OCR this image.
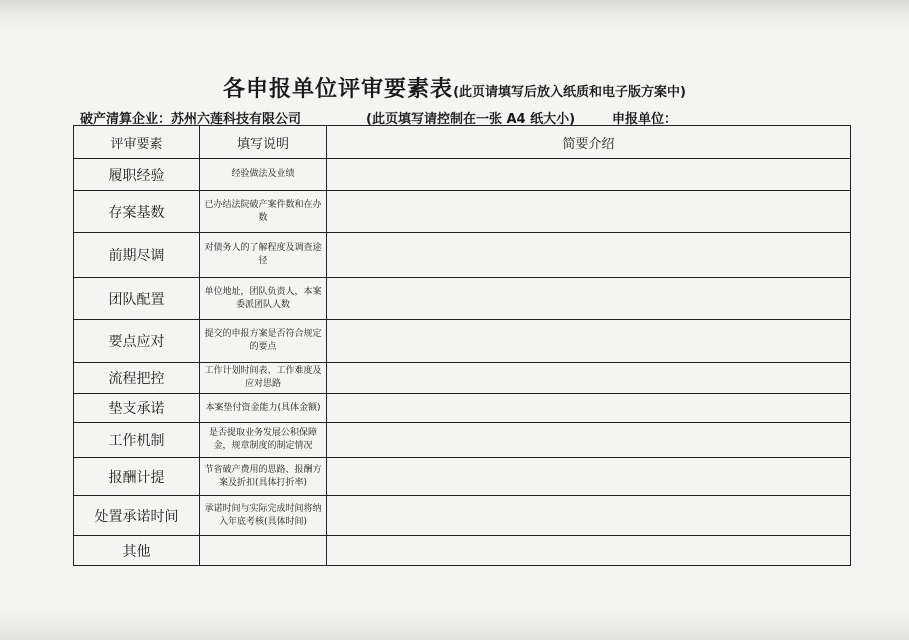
各申报单位评审要素表(此页请填写后放入纸质和电子版方案中)
破产清算企业：苏州六莲科技有限公司	(此页填写请控制在一张 A4 纸大小)	申报单位：
评审要素	填写说明	简要介绍
履职经验	经验做法及业绩	
存案基数	已办结法院破产案件数和在办数	
前期尽调	对债务人的了解程度及调查途径	
团队配置	单位地址，团队负责人，本案委派团队人数	
要点应对	提交的申报方案是否符合规定的要点	
流程把控	工作计划时间表、工作难度及应对思路	
垫支承诺	本案垫付资金能力(具体金额)	
工作机制	是否提取业务发展公积保障金，规章制度的制定情况	
报酬计提	节省破产费用的思路、报酬方案及折扣(具体打折率)	
处置承诺时间	承诺时间与实际完成时间将纳入年底考核(具体时间)	
其他		
